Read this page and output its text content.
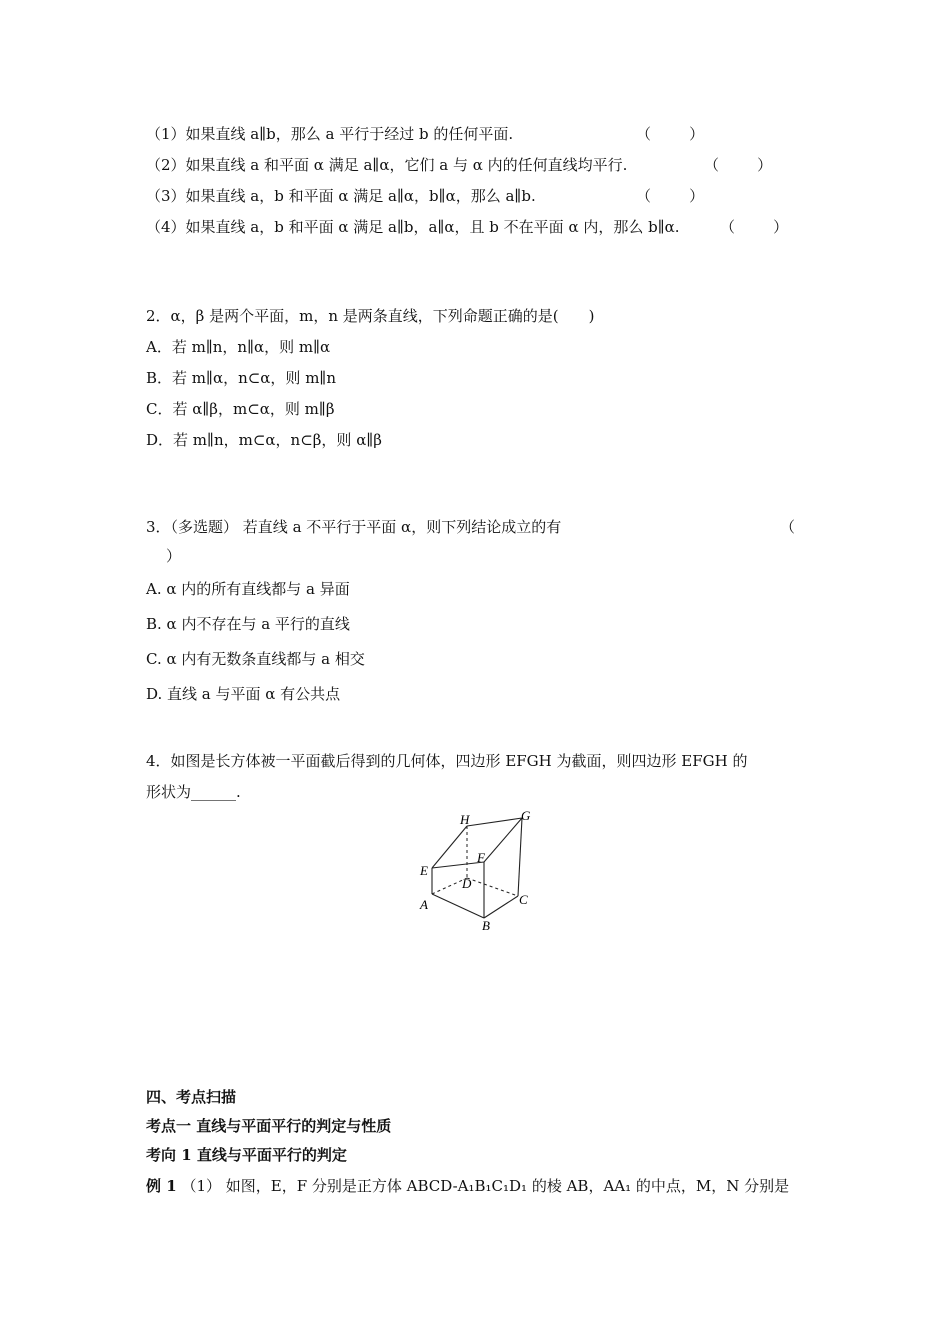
（1）如果直线 a∥b，那么 a 平行于经过 b 的任何平面.	（        ）
（2）如果直线 a 和平面 α 满足 a∥α，它们 a 与 α 内的任何直线均平行.	（        ）
（3）如果直线 a，b 和平面 α 满足 a∥α，b∥α，那么 a∥b.	（        ）
（4）如果直线 a，b 和平面 α 满足 a∥b，a∥α，且 b 不在平面 α 内，那么 b∥α.	（        ）
2．α，β 是两个平面，m，n 是两条直线，下列命题正确的是(　　)
A．若 m∥n，n∥α，则 m∥α
B．若 m∥α，n⊂α，则 m∥n
C．若 α∥β，m⊂α，则 m∥β
D．若 m∥n，m⊂α，n⊂β，则 α∥β
3．（多选题） 若直线 a 不平行于平面 α，则下列结论成立的有	（
）
A. α 内的所有直线都与 a 异面
B. α 内不存在与 a 平行的直线
C. α 内有无数条直线都与 a 相交
D. 直线 a 与平面 α 有公共点
4．如图是长方体被一平面截后得到的几何体，四边形 EFGH 为截面，则四边形 EFGH 的
形状为______.
H	G
F
E
D
A	C
B
四、考点扫描
考点一 直线与平面平行的判定与性质
考向 1 直线与平面平行的判定
例 1 （1） 如图，E，F 分别是正方体 ABCD-A₁B₁C₁D₁ 的棱 AB，AA₁ 的中点，M，N 分别是
